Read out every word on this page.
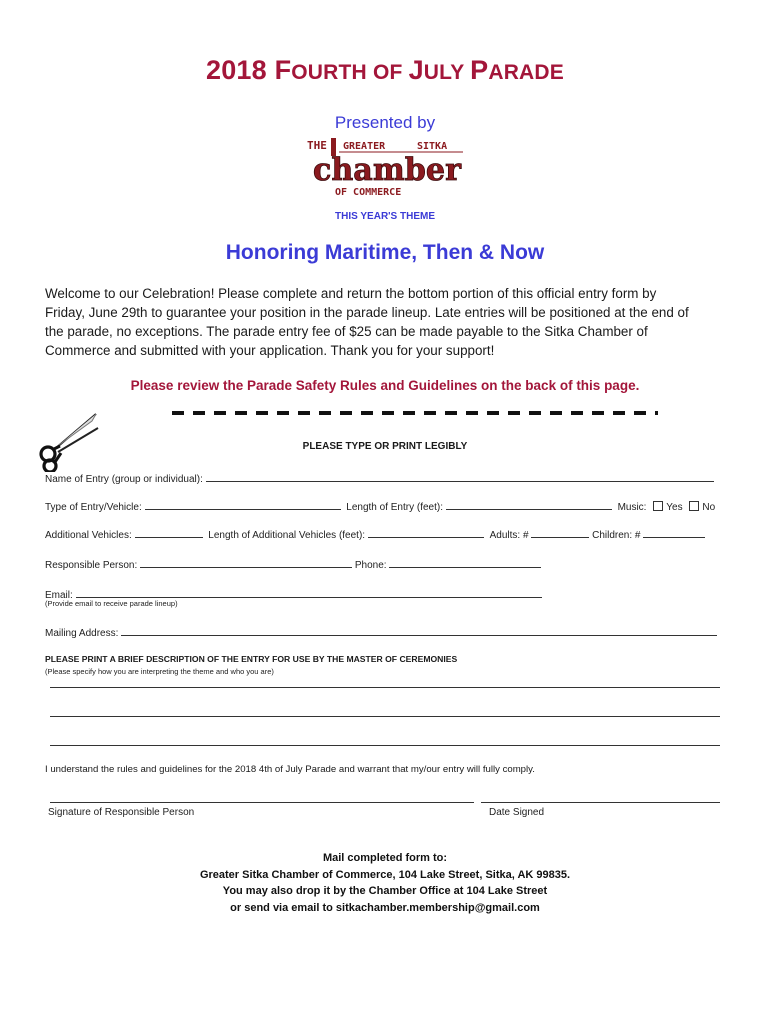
2018 FOURTH OF JULY PARADE
Presented by
THE GREATER	SITKA
chamber
OF COMMERCE
THIS YEAR'S THEME
Honoring Maritime, Then & Now
Welcome to our Celebration! Please complete and return the bottom portion of this official entry form by
Friday, June 29th to guarantee your position in the parade lineup. Late entries will be positioned at the end of
the parade, no exceptions. The parade entry fee of $25 can be made payable to the Sitka Chamber of
Commerce and submitted with your application. Thank you for your support!
Please review the Parade Safety Rules and Guidelines on the back of this page.
PLEASE TYPE OR PRINT LEGIBLY
Name of Entry (group or individual):
Type of Entry/Vehicle:	Length of Entry (feet):	Music: Yes No
Additional Vehicles:	Length of Additional Vehicles (feet):	Adults: #	Children: #
Responsible Person:	Phone:
Email:
(Provide email to receive parade lineup)
Mailing Address:
PLEASE PRINT A BRIEF DESCRIPTION OF THE ENTRY FOR USE BY THE MASTER OF CEREMONIES
(Please specify how you are interpreting the theme and who you are)
I understand the rules and guidelines for the 2018 4th of July Parade and warrant that my/our entry will fully comply.
Signature of Responsible Person	Date Signed
Mail completed form to:
Greater Sitka Chamber of Commerce, 104 Lake Street, Sitka, AK 99835.
You may also drop it by the Chamber Office at 104 Lake Street
or send via email to sitkachamber.membership@gmail.com
